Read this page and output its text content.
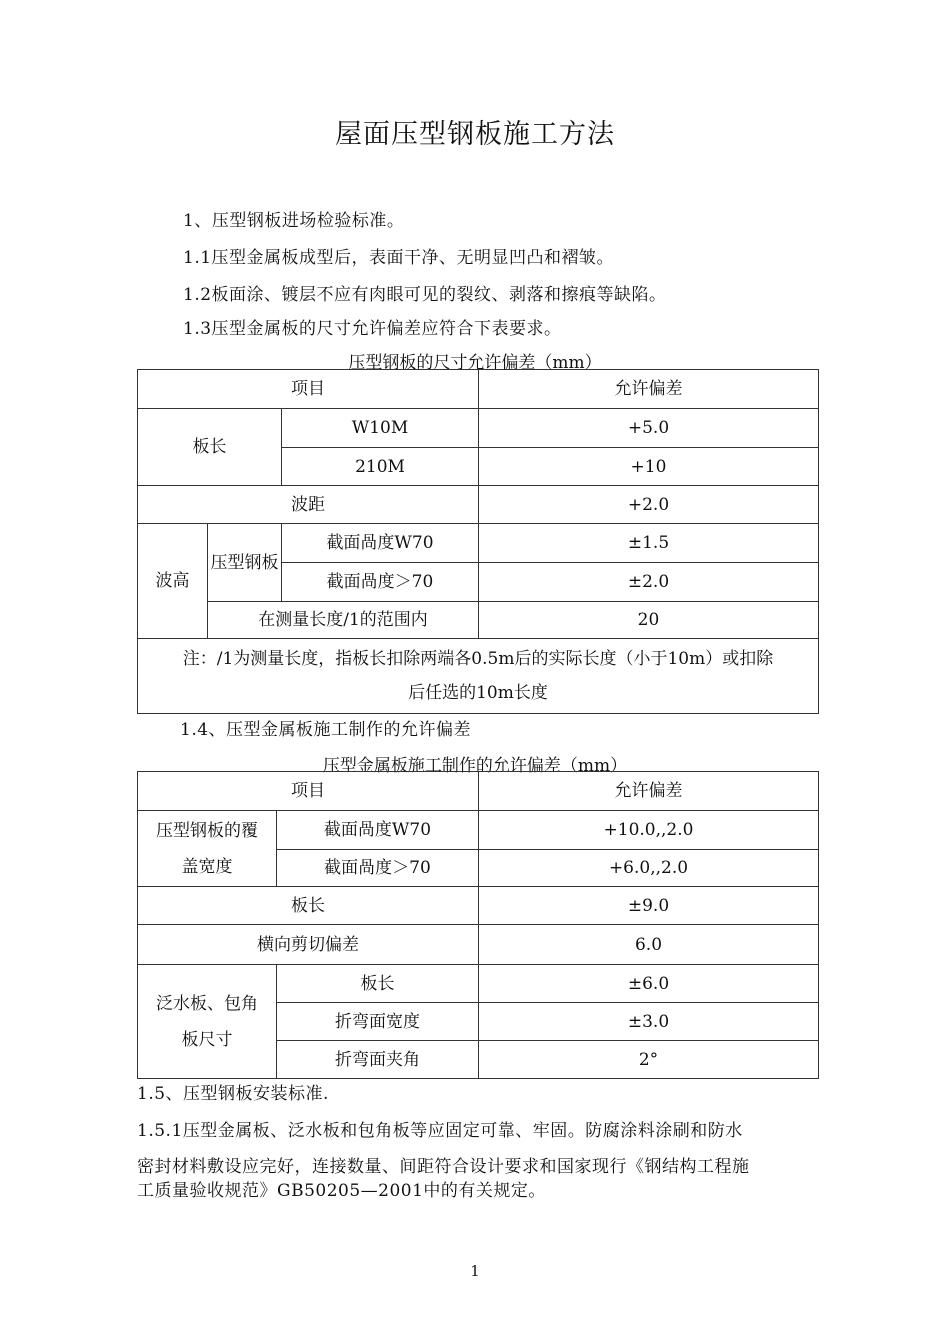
屋面压型钢板施工方法
1、压型钢板进场检验标准。
1.1压型金属板成型后，表面干净、无明显凹凸和褶皱。
1.2板面涂、镀层不应有肉眼可见的裂纹、剥落和擦痕等缺陷。
1.3压型金属板的尺寸允许偏差应符合下表要求。
压型钢板的尺寸允许偏差（mm）
项目			允许偏差
板长		W10M	+5.0
		210M	+10
波距			+2.0
波高	压型钢板	截面咼度W70	±1.5
		截面咼度＞70	±2.0
	在测量长度/1的范围内		20

注：/1为测量长度，指板长扣除两端各0.5m后的实际长度（小于10m）或扣除
后任选的10m长度			
1.4、压型金属板施工制作的允许偏差
压型金属板施工制作的允许偏差（mm）
项目		允许偏差

压型钢板的覆
盖宽度	截面咼度W70	+10.0,,2.0
	截面咼度＞70	+6.0,,2.0
板长		±9.0
横向剪切偏差		6.0

泛水板、包角
板尺寸	板长	±6.0
	折弯面宽度	±3.0
	折弯面夹角	2°
1.5、压型钢板安装标准.
1.5.1压型金属板、泛水板和包角板等应固定可靠、牢固。防腐涂料涂刷和防水
密封材料敷设应完好，连接数量、间距符合设计要求和国家现行《钢结构工程施
工质量验收规范》GB50205—2001中的有关规定。
1
